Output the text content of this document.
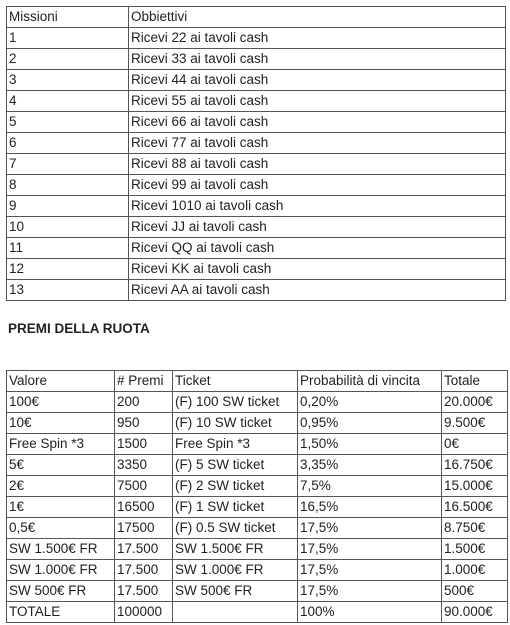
Missioni	Obbiettivi
1	Ricevi 22 ai tavoli cash
2	Ricevi 33 ai tavoli cash
3	Ricevi 44 ai tavoli cash
4	Ricevi 55 ai tavoli cash
5	Ricevi 66 ai tavoli cash
6	Ricevi 77 ai tavoli cash
7	Ricevi 88 ai tavoli cash
8	Ricevi 99 ai tavoli cash
9	Ricevi 1010 ai tavoli cash
10	Ricevi JJ ai tavoli cash
11	Ricevi QQ ai tavoli cash
12	Ricevi KK ai tavoli cash
13	Ricevi AA ai tavoli cash
PREMI DELLA RUOTA
Valore	# Premi	Ticket	Probabilità di vincita	Totale
100€	200	(F) 100 SW ticket	0,20%	20.000€
10€	950	(F) 10 SW ticket	0,95%	9.500€
Free Spin *3	1500	Free Spin *3	1,50%	0€
5€	3350	(F) 5 SW ticket	3,35%	16.750€
2€	7500	(F) 2 SW ticket	7,5%	15.000€
1€	16500	(F) 1 SW ticket	16,5%	16.500€
0,5€	17500	(F) 0.5 SW ticket	17,5%	8.750€
SW 1.500€ FR	17.500	SW 1.500€ FR	17,5%	1.500€
SW 1.000€ FR	17.500	SW 1.000€ FR	17,5%	1.000€
SW 500€ FR	17.500	SW 500€ FR	17,5%	500€
TOTALE	100000		100%	90.000€
